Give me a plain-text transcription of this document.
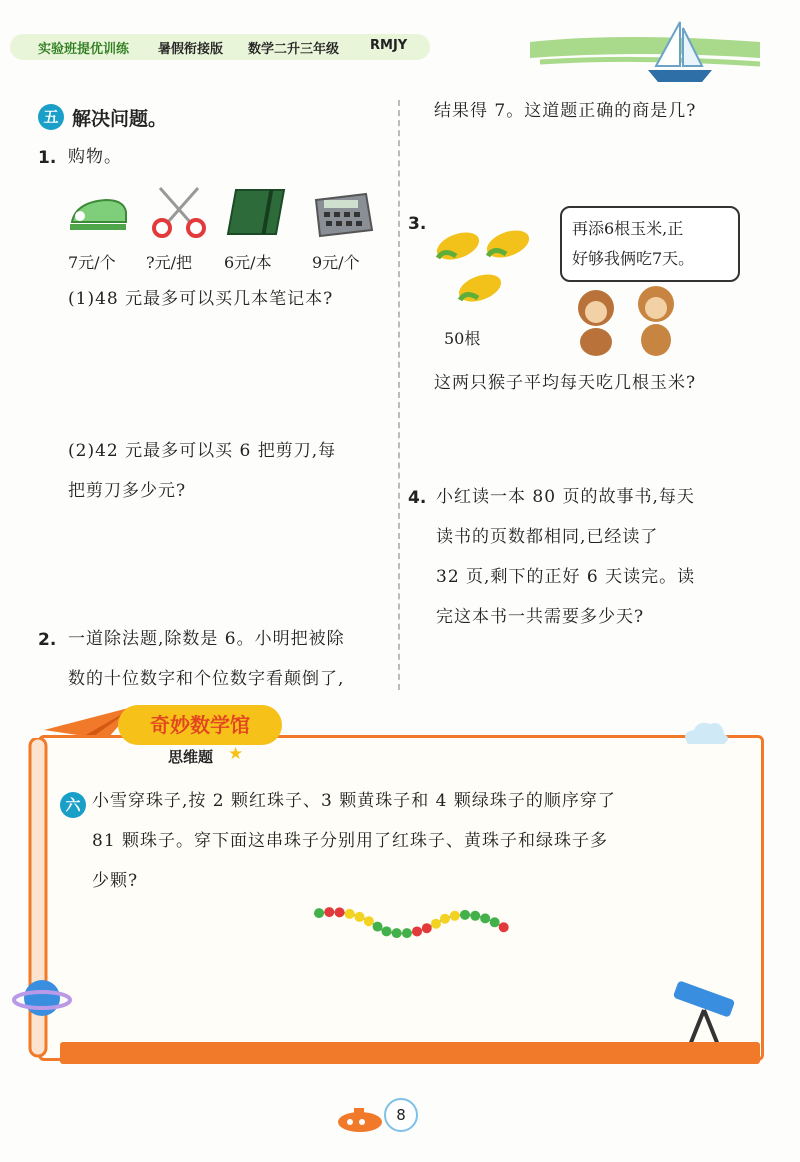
实验班提优训练 暑假衔接版 数学二升三年级 RMJY
五 解决问题。
1. 购物。
7元/个 ?元/把 6元/本	9元/个
(1)48 元最多可以买几本笔记本?
(2)42 元最多可以买 6 把剪刀,每
把剪刀多少元?
2. 一道除法题,除数是 6。小明把被除
数的十位数字和个位数字看颠倒了,
结果得 7。这道题正确的商是几?
3.
50根
再添6根玉米,正
好够我俩吃7天。
这两只猴子平均每天吃几根玉米?
4. 小红读一本 80 页的故事书,每天
读书的页数都相同,已经读了
32 页,剩下的正好 6 天读完。读
完这本书一共需要多少天?
奇妙数学馆
思维题 ★
六 小雪穿珠子,按 2 颗红珠子、3 颗黄珠子和 4 颗绿珠子的顺序穿了
81 颗珠子。穿下面这串珠子分别用了红珠子、黄珠子和绿珠子多
少颗?
8
